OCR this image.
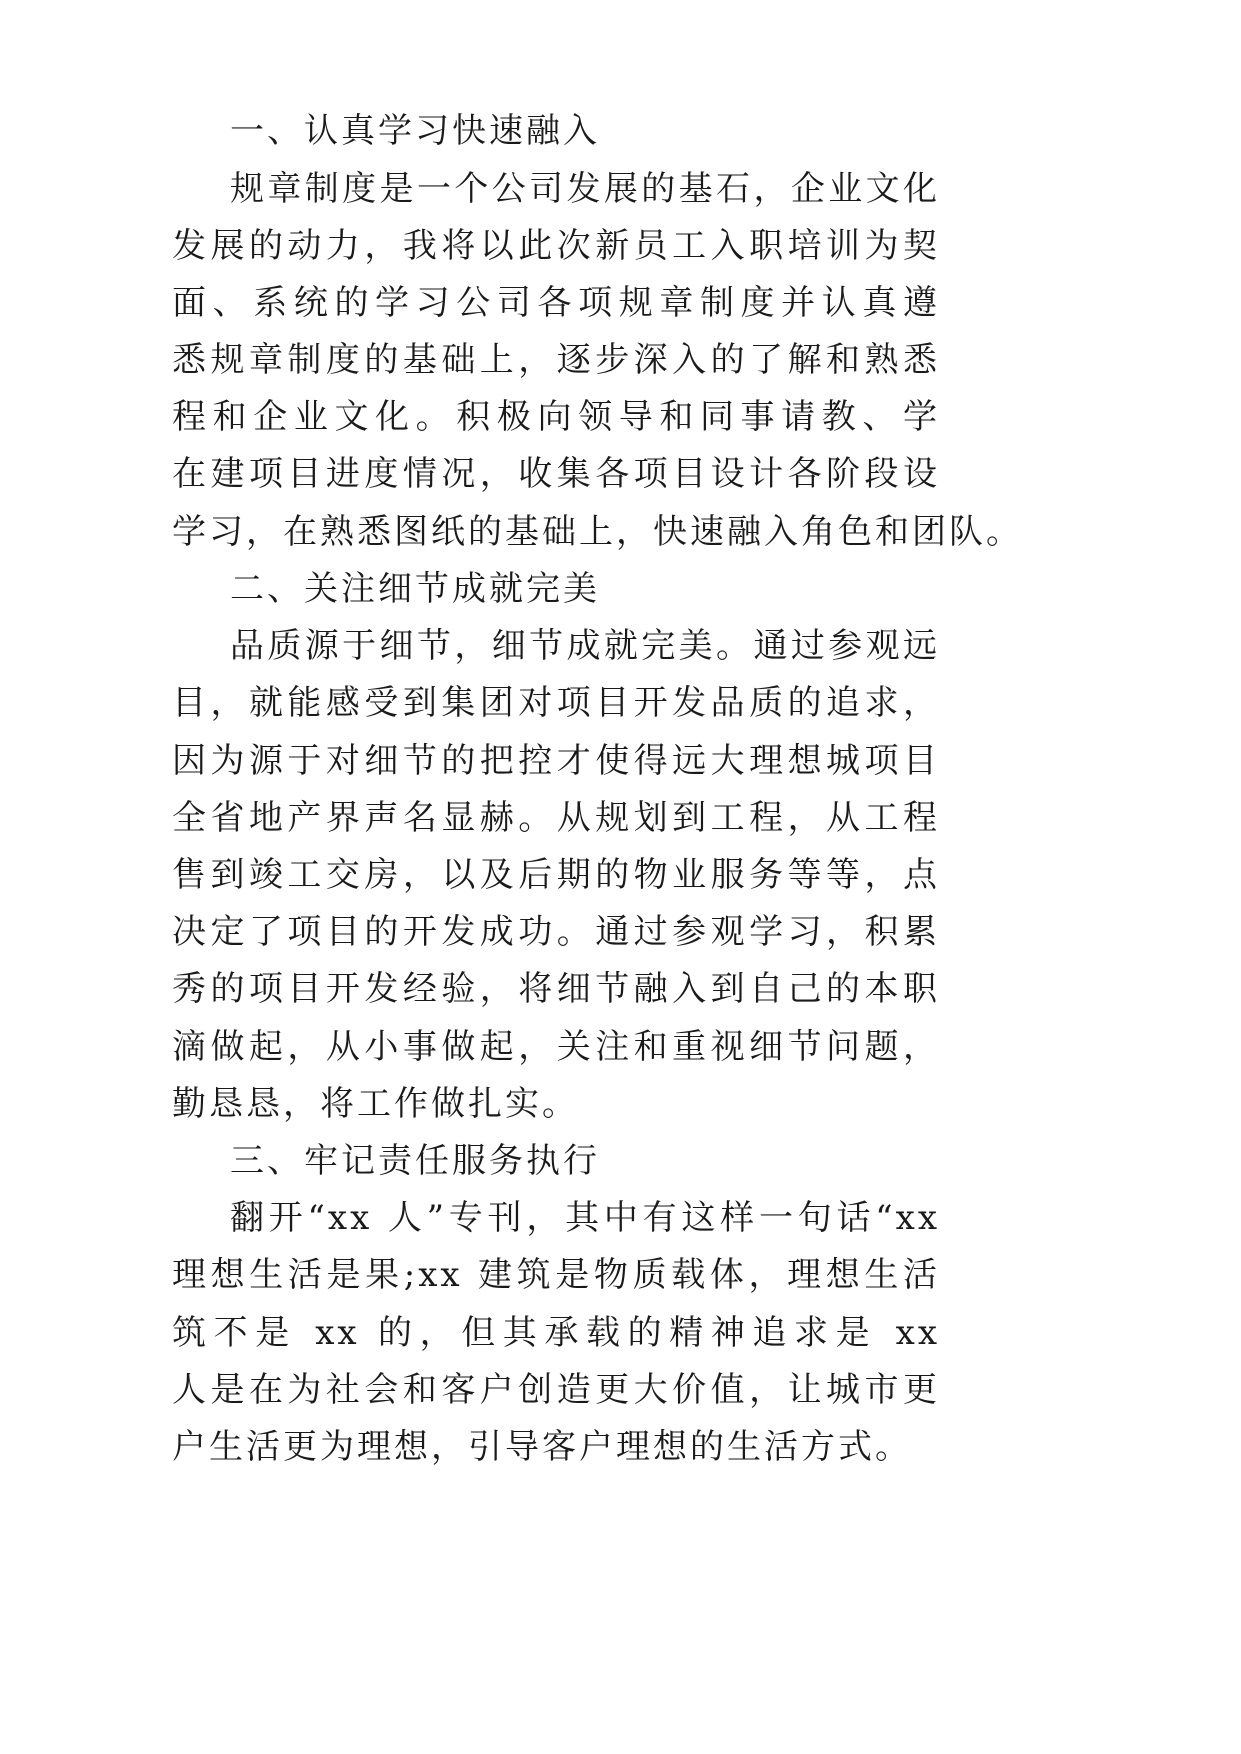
一、认真学习快速融入
规章制度是一个公司发展的基石，企业文化
发展的动力，我将以此次新员工入职培训为契
面、系统的学习公司各项规章制度并认真遵
悉规章制度的基础上，逐步深入的了解和熟悉
程和企业文化。积极向领导和同事请教、学
在建项目进度情况，收集各项目设计各阶段设
学习，在熟悉图纸的基础上，快速融入角色和团队。
二、关注细节成就完美
品质源于细节，细节成就完美。通过参观远
目，就能感受到集团对项目开发品质的追求，
因为源于对细节的把控才使得远大理想城项目
全省地产界声名显赫。从规划到工程，从工程
售到竣工交房，以及后期的物业服务等等，点
决定了项目的开发成功。通过参观学习，积累
秀的项目开发经验，将细节融入到自己的本职
滴做起，从小事做起，关注和重视细节问题，
勤恳恳，将工作做扎实。
三、牢记责任服务执行
翻开“xx 人”专刊，其中有这样一句话“xx
理想生活是果;xx 建筑是物质载体，理想生活
筑不是 xx 的，但其承载的精神追求是 xx
人是在为社会和客户创造更大价值，让城市更
户生活更为理想，引导客户理想的生活方式。
